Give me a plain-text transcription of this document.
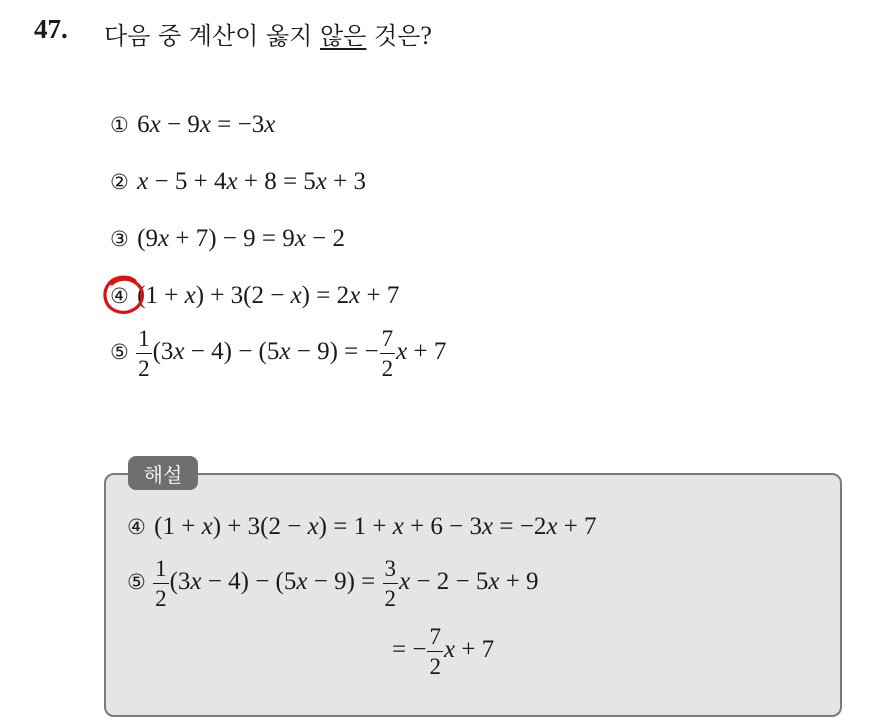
47. 다음 중 계산이 옳지 않은 것은?
①  6x − 9x = −3x
②   x − 5 + 4x + 8 = 5x + 3
③  (9x + 7) − 9 = 9x − 2
④  (1 + x) + 3(2 − x) = 2x + 7
⑤ $\frac{1}{2} (3x - 4) - (5x - 9)$ = − $\frac{7}{2}$ x + 7
해설
④  (1 + x) + 3(2 − x) = 1 + x + 6 − 3x = −2x + 7
⑤ $\frac{1}{2} (3x - 4) - (5x - 9) = \frac{3}{2}$ x − 2 − 5x + 9
= − $\frac{7}{2}$ x + 7
